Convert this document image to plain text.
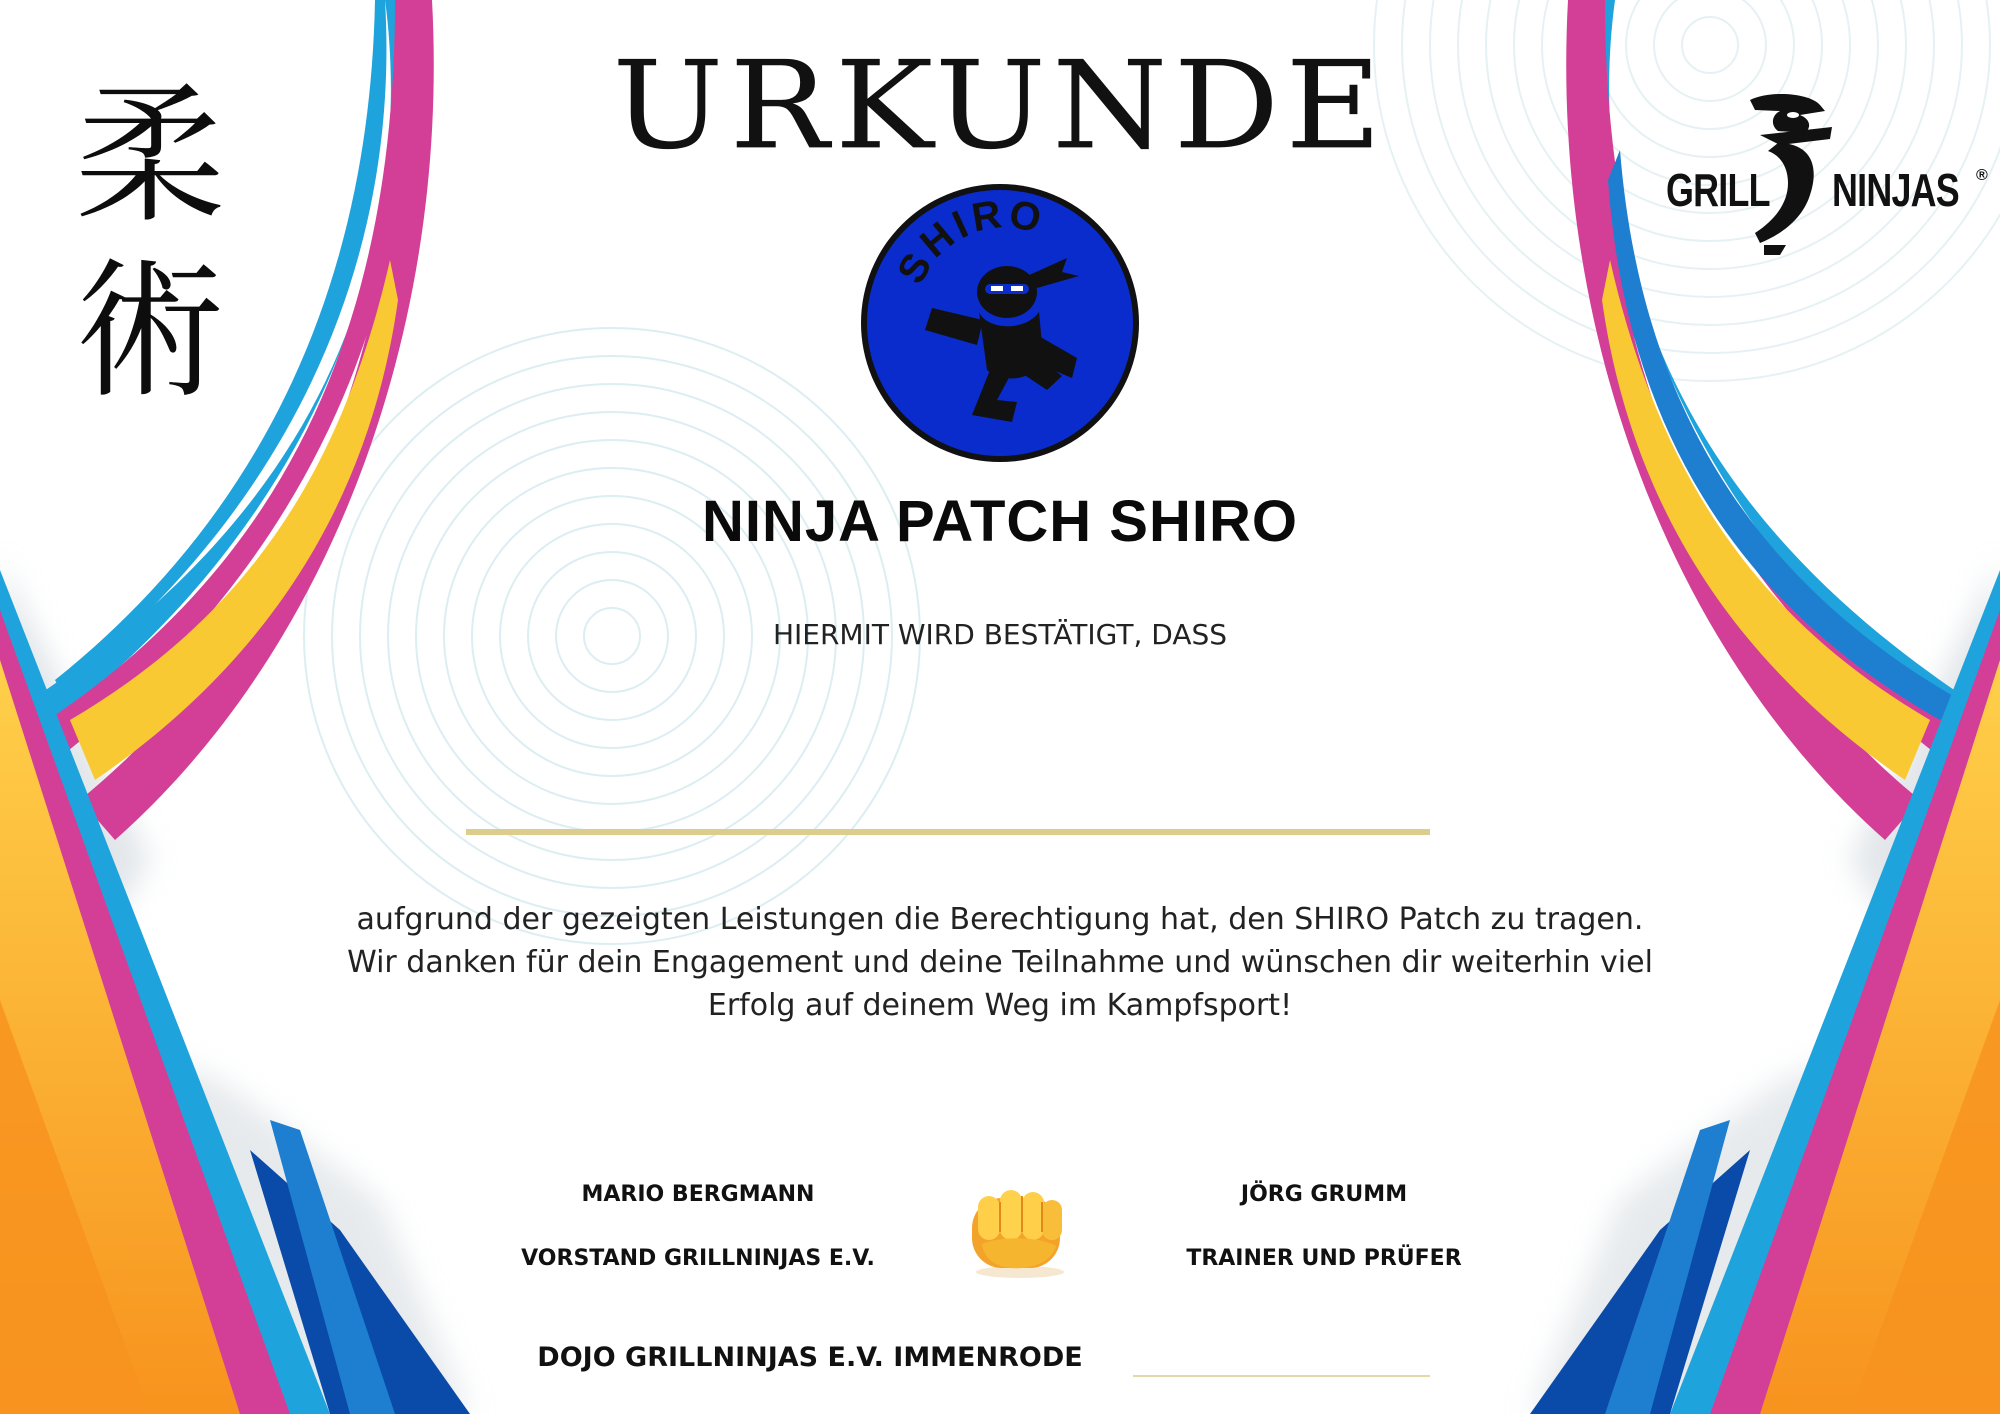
柔
術
URKUNDE
GRILL NINJAS ®
SHIRO
NINJA PATCH SHIRO
HIERMIT WIRD BESTÄTIGT, DASS
aufgrund der gezeigten Leistungen die Berechtigung hat, den SHIRO Patch zu tragen.
Wir danken für dein Engagement und deine Teilnahme und wünschen dir weiterhin viel
Erfolg auf deinem Weg im Kampfsport!
MARIO BERGMANN
VORSTAND GRILLNINJAS E.V.
JÖRG GRUMM
TRAINER UND PRÜFER
DOJO GRILLNINJAS E.V. IMMENRODE
